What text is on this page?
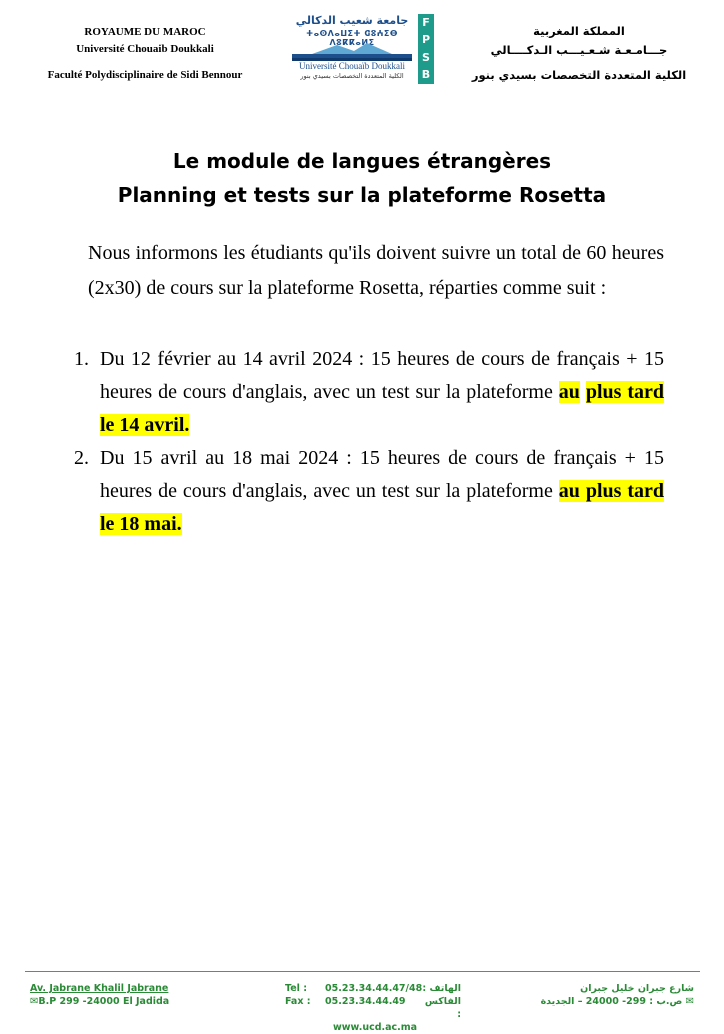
ROYAUME DU MAROC
Université Chouaib Doukkali
Faculté Polydisciplinaire de Sidi Bennour
جامعة شعيب الدكالي
ⵜⴰⵙⴷⴰⵡⵉⵜ ⵛⵓⵄⵉⴱ ⴷⵓⴽⴽⴰⵍⵉ
Université Chouaïb Doukkali
الكلية المتعددة التخصصات بسيدي بنور
F
P
S
B
المملكة المغربية
جـــامـعـة شـعـيـــب الـدكــــالي
الكلية المتعددة التخصصات بسيدي بنور
Le module de langues étrangères
Planning et tests sur la plateforme Rosetta

Nous informons les étudiants qu'ils doivent suivre un total de 60 heures (2x30) de cours sur la plateforme Rosetta, réparties comme suit :

1. Du 12 février au 14 avril 2024 : 15 heures de cours de français + 15 heures de cours d'anglais, avec un test sur la plateforme au plus tard le 14 avril.
2. Du 15 avril au 18 mai 2024 : 15 heures de cours de français + 15 heures de cours d'anglais, avec un test sur la plateforme au plus tard le 18 mai.
Av. Jabrane Khalil Jabrane
✉B.P 299 -24000 El Jadida
Tel :	05.23.34.44.47/48 الهاتف :
Fax :	05.23.34.44.49	الفاكس :
www.ucd.ac.ma
شارع جبران خليل جبران
✉ ص.ب : 299- 24000 – الجديدة
